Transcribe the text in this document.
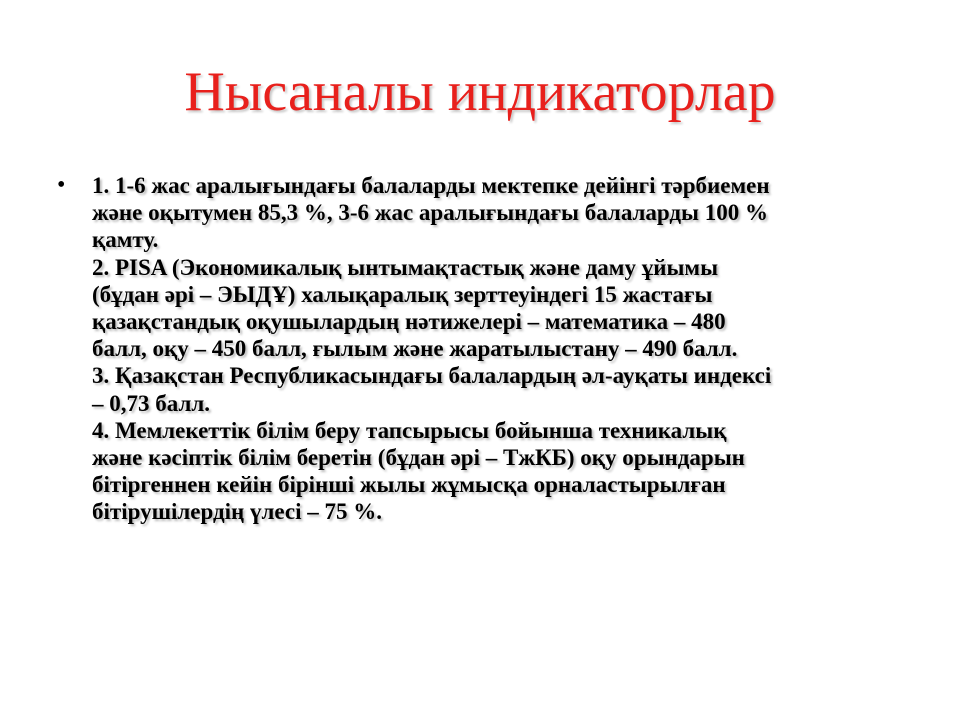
Нысаналы индикаторлар
• 1. 1-6 жас аралығындағы балаларды мектепке дейінгі тәрбиемен
және оқытумен 85,3 %, 3-6 жас аралығындағы балаларды 100 %
қамту.
2. PISA (Экономикалық ынтымақтастық және даму ұйымы
(бұдан әрі – ЭЫДҰ) халықаралық зерттеуіндегі 15 жастағы
қазақстандық оқушылардың нәтижелері – математика – 480
балл, оқу – 450 балл, ғылым және жаратылыстану – 490 балл.
3. Қазақстан Республикасындағы балалардың әл-ауқаты индексі
– 0,73 балл.
4. Мемлекеттік білім беру тапсырысы бойынша техникалық
және кәсіптік білім беретін (бұдан әрі – ТжКБ) оқу орындарын
бітіргеннен кейін бірінші жылы жұмысқа орналастырылған
бітірушілердің үлесі – 75 %.
